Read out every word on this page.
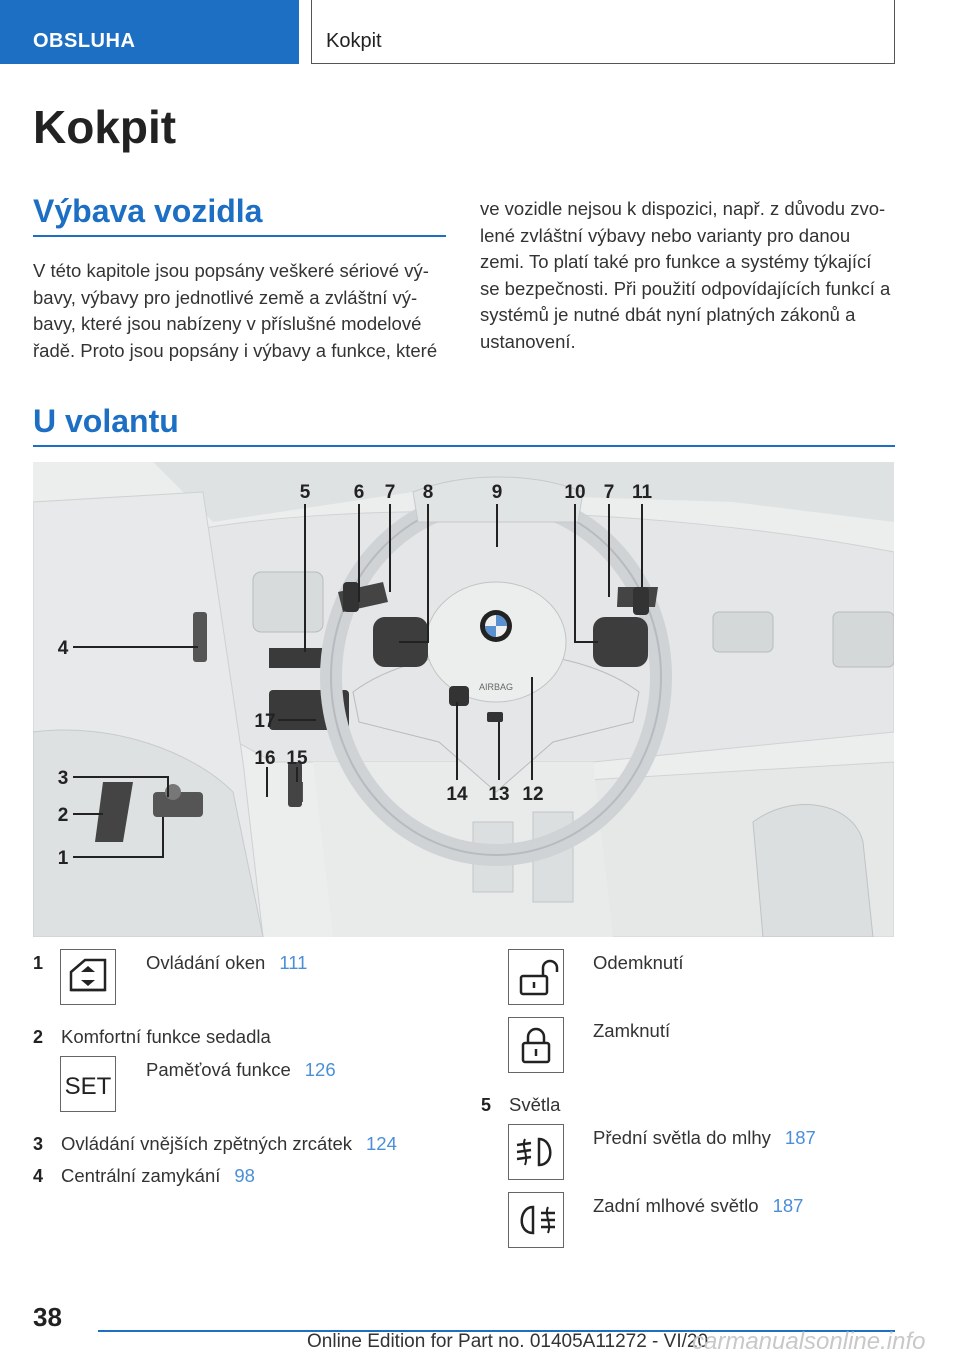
OBSLUHA	Kokpit
Kokpit
Výbava vozidla
V této kapitole jsou popsány veškeré sériové vý-
bavy, výbavy pro jednotlivé země a zvláštní vý-
bavy, které jsou nabízeny v příslušné modelové
řadě. Proto jsou popsány i výbavy a funkce, které
ve vozidle nejsou k dispozici, např. z důvodu zvo-
lené zvláštní výbavy nebo varianty pro danou
zemi. To platí také pro funkce a systémy týkající
se bezpečnosti. Při použití odpovídajících funkcí a
systémů je nutné dbát nyní platných zákonů a
ustanovení.
U volantu
AIRBAG
5 6 7 8	9	10 7 11
4
17
3
2
1
16 15
14 13 12
1	Ovládání oken 111
2 Komfortní funkce sedadla
SET
Paměťová funkce 126
3 Ovládání vnějších zpětných zrcátek 124
4 Centrální zamykání 98
Odemknutí
Zamknutí
5 Světla
Přední světla do mlhy 187
Zadní mlhové světlo 187
38
Online Edition for Part no. 01405A11272 - VI/20
carmanualsonline.info
